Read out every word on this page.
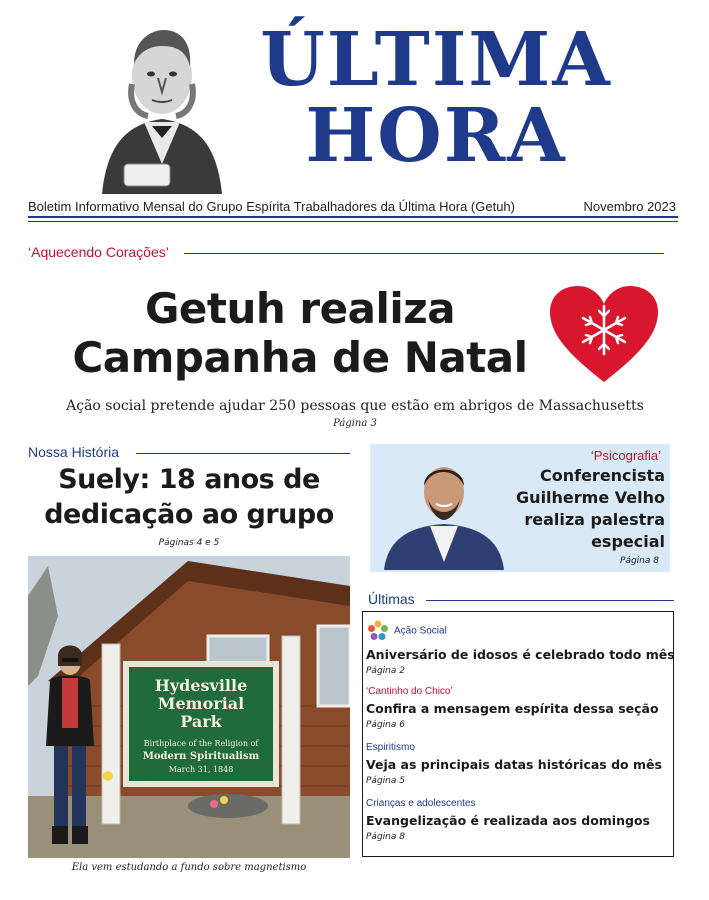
ÚLTIMA
HORA
Boletim Informativo Mensal do Grupo Espírita Trabalhadores da Última Hora (Getuh)	Novembro 2023
‘Aquecendo Corações’
Getuh realiza
Campanha de Natal
Ação social pretende ajudar 250 pessoas que estão em abrigos de Massachusetts
Página 3
Nossa História
Suely: 18 anos de
dedicação ao grupo
Páginas 4 e 5
Hydesville
Memorial
Park
Birthplace of the Religion of
Modern Spiritualism
March 31, 1848
Ela vem estudando a fundo sobre magnetismo
‘Psicografia’
Conferencista
Guilherme Velho
realiza palestra
especial
Página 8
Últimas
Ação Social
Aniversário de idosos é celebrado todo mês
Página 2
‘Cantinho do Chico’
Confira a mensagem espírita dessa seção
Página 6
Espiritismo
Veja as principais datas históricas do mês
Página 5
Crianças e adolescentes
Evangelização é realizada aos domingos
Página 8
